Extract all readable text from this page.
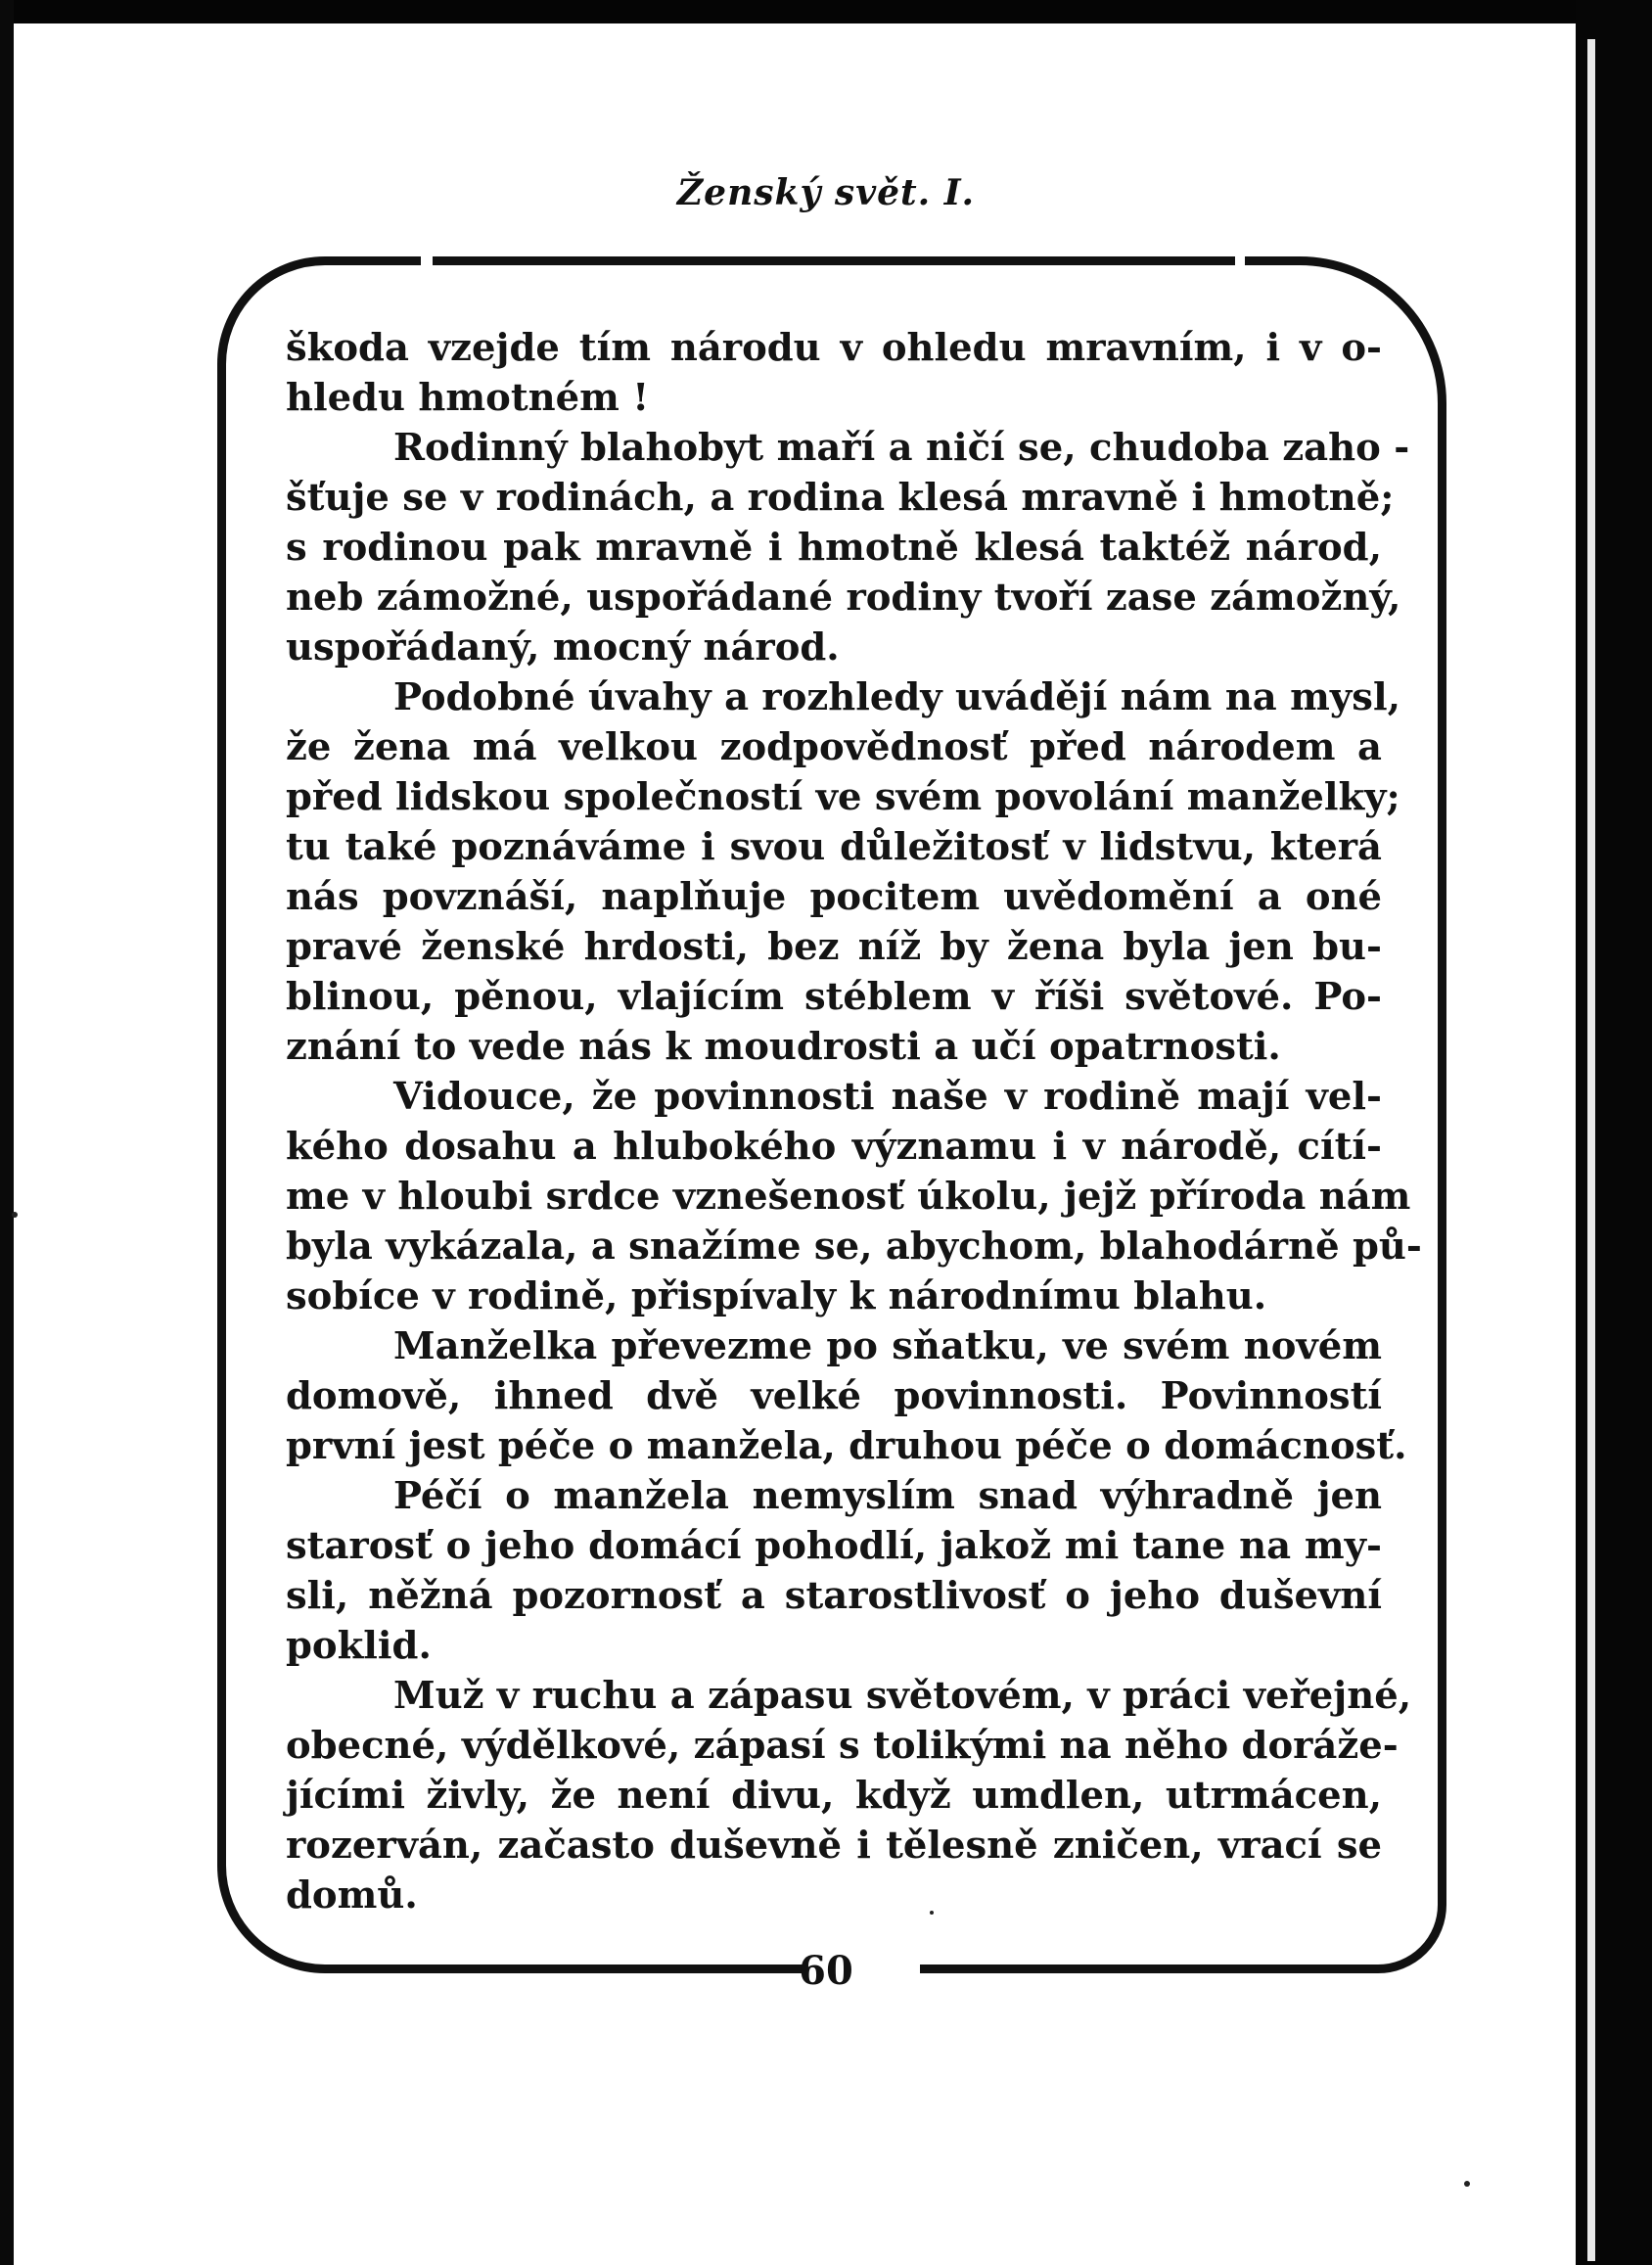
Ženský svět. I.
škoda vzejde tím národu v ohledu mravním, i v o-
hledu hmotném !
Rodinný blahobyt maří a ničí se, chudoba zaho -
šťuje se v rodinách, a rodina klesá mravně i hmotně;
s rodinou pak mravně i hmotně klesá taktéž národ,
neb zámožné, uspořádané rodiny tvoří zase zámožný,
uspořádaný, mocný národ.
Podobné úvahy a rozhledy uvádějí nám na mysl,
že žena má velkou zodpovědnosť před národem a
před lidskou společností ve svém povolání manželky;
tu také poznáváme i svou důležitosť v lidstvu, která
nás povznáší, naplňuje pocitem uvědomění a oné
pravé ženské hrdosti, bez níž by žena byla jen bu-
blinou, pěnou, vlajícím stéblem v říši světové. Po-
znání to vede nás k moudrosti a učí opatrnosti.
Vidouce, že povinnosti naše v rodině mají vel-
kého dosahu a hlubokého významu i v národě, cítí-
me v hloubi srdce vznešenosť úkolu, jejž příroda nám
byla vykázala, a snažíme se, abychom, blahodárně pů-
sobíce v rodině, přispívaly k národnímu blahu.
Manželka převezme po sňatku, ve svém novém
domově, ihned dvě velké povinnosti. Povinností
první jest péče o manžela, druhou péče o domácnosť.
Péčí o manžela nemyslím snad výhradně jen
starosť o jeho domácí pohodlí, jakož mi tane na my-
sli, něžná pozornosť a starostlivosť o jeho duševní
poklid.
Muž v ruchu a zápasu světovém, v práci veřejné,
obecné, výdělkové, zápasí s tolikými na něho doráže-
jícími živly, že není divu, když umdlen, utrmácen,
rozerván, začasto duševně i tělesně zničen, vrací se
domů.
60
